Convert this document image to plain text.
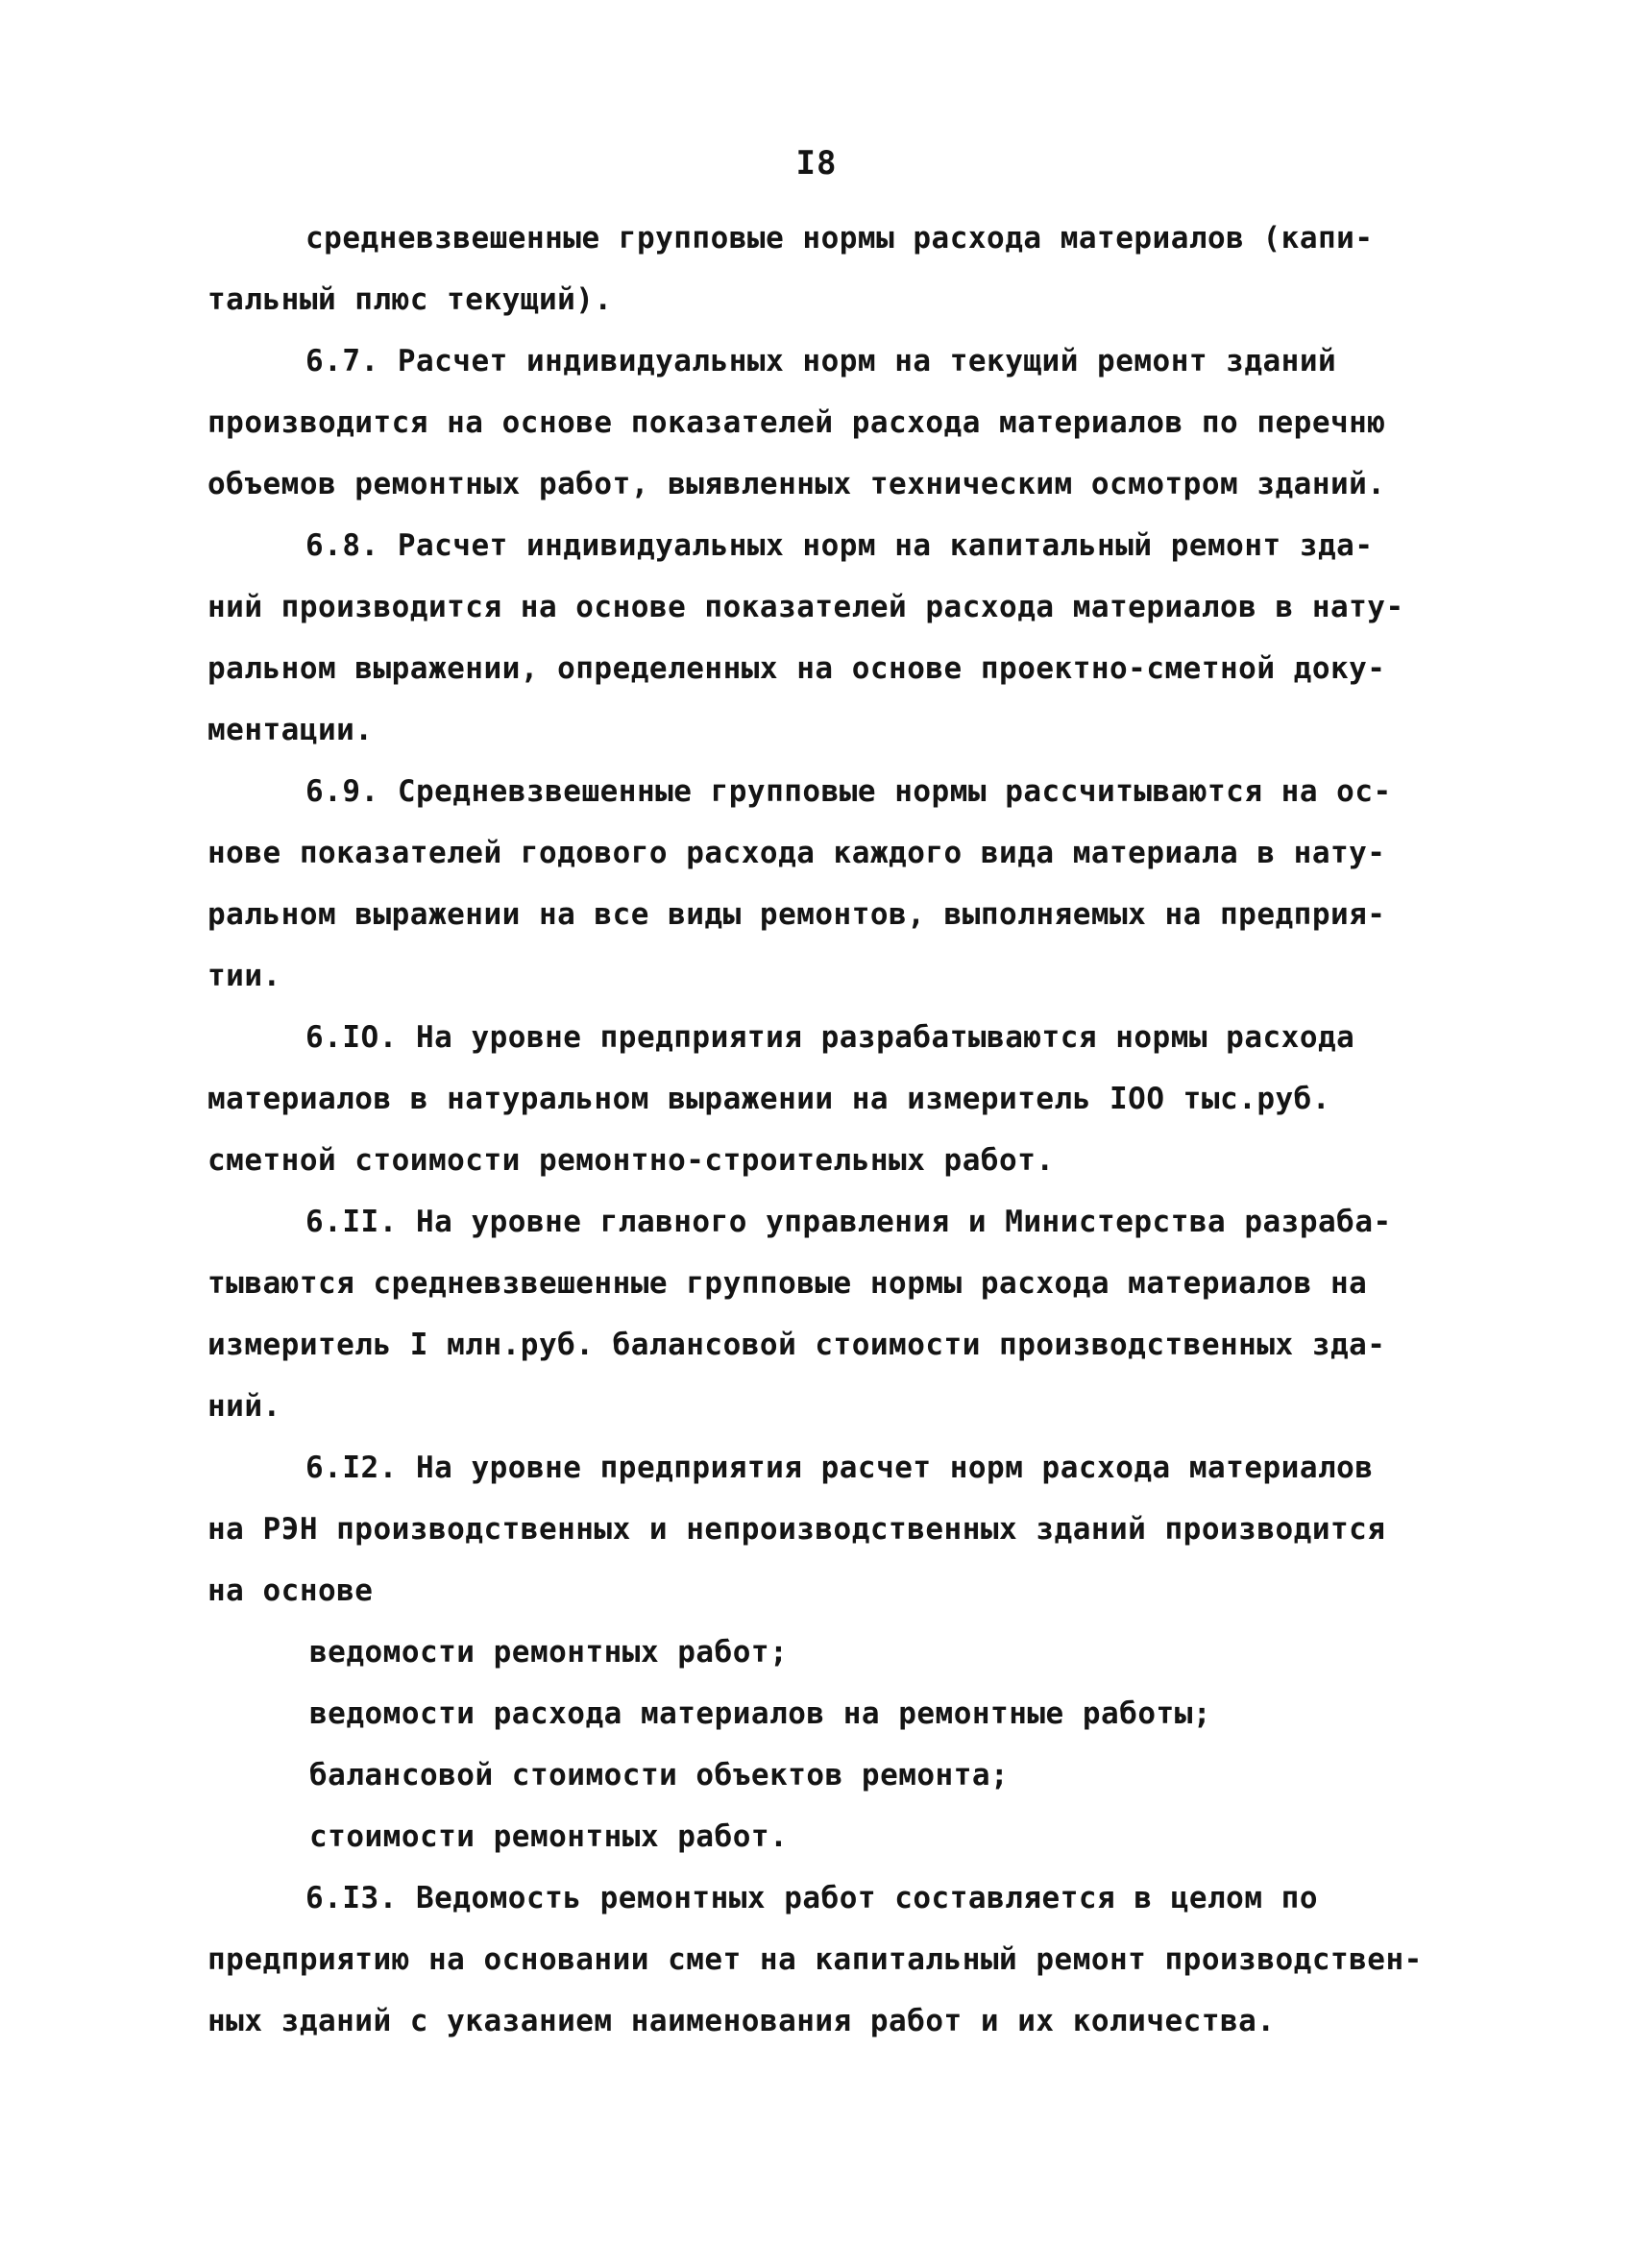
I8
средневзвешенные групповые нормы расхода материалов (капи-
тальный плюс текущий).
6.7. Расчет индивидуальных норм на текущий ремонт зданий
производится на основе показателей расхода материалов по перечню
объемов ремонтных работ, выявленных техническим осмотром зданий.
6.8. Расчет индивидуальных норм на капитальный ремонт зда-
ний производится на основе показателей расхода материалов в нату-
ральном выражении, определенных на основе проектно-сметной доку-
ментации.
6.9. Средневзвешенные групповые нормы рассчитываются на ос-
нове показателей годового расхода каждого вида материала в нату-
ральном выражении на все виды ремонтов, выполняемых на предприя-
тии.
6.IO. На уровне предприятия разрабатываются нормы расхода
материалов в натуральном выражении на измеритель IOO тыс.руб.
сметной стоимости ремонтно-строительных работ.
6.II. На уровне главного управления и Министерства разраба-
тываются средневзвешенные групповые нормы расхода материалов на
измеритель I млн.руб. балансовой стоимости производственных зда-
ний.
6.I2. На уровне предприятия расчет норм расхода материалов
на РЭН производственных и непроизводственных зданий производится
на основе
ведомости ремонтных работ;
ведомости расхода материалов на ремонтные работы;
балансовой стоимости объектов ремонта;
стоимости ремонтных работ.
6.I3. Ведомость ремонтных работ составляется в целом по
предприятию на основании смет на капитальный ремонт производствен-
ных зданий с указанием наименования работ и их количества.
